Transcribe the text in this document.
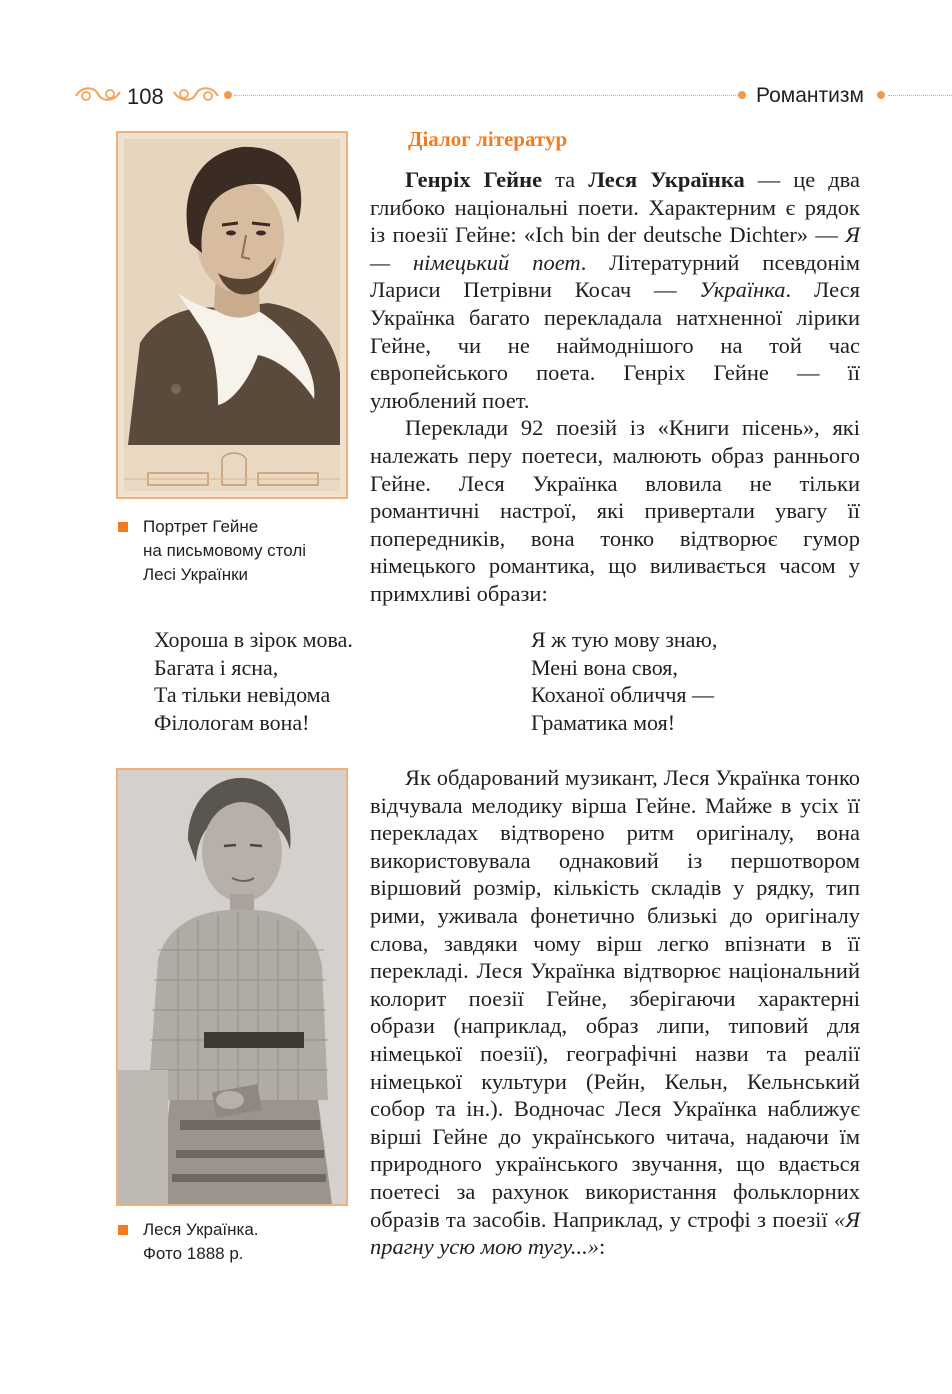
108	Романтизм
Портрет Гейне
на письмовому столі
Лесі Українки
Діалог літератур

Генріх Гейне та Леся Українка — це два глибоко національні поети. Характерним є рядок із поезії Гейне: «Ich bin der deutsche Dichter» — Я — німецький поет. Літературний псевдонім Лариси Петрівни Косач — Українка. Леся Українка багато перекладала натхненної лірики Гейне, чи не наймоднішого на той час європейського поета. Генріх Гейне — її улюблений поет.

Переклади 92 поезій із «Книги пісень», які належать перу поетеси, малюють образ раннього Гейне. Леся Українка вловила не тільки романтичні настрої, які привертали увагу її попередників, вона тонко відтворює гумор німецького романтика, що виливається часом у примхливі образи:

Хороша в зірок мова.
Багата і ясна,
Та тільки невідома
Філологам вона!
Я ж тую мову знаю,
Мені вона своя,
Коханої обличчя —
Граматика моя!
Леся Українка.
Фото 1888 р.

Як обдарований музикант, Леся Українка тонко відчувала мелодику вірша Гейне. Майже в усіх її перекладах відтворено ритм оригіналу, вона використовувала однаковий із першотвором віршовий розмір, кількість складів у рядку, тип рими, уживала фонетично близькі до оригіналу слова, завдяки чому вірш легко впізнати в її перекладі. Леся Українка відтворює національний колорит поезії Гейне, зберігаючи характерні образи (наприклад, образ липи, типовий для німецької поезії), географічні назви та реалії німецької культури (Рейн, Кельн, Кельнський собор та ін.). Водночас Леся Українка наближує вірші Гейне до українського читача, надаючи їм природного українського звучання, що вдається поетесі за рахунок використання фольклорних образів та засобів. Наприклад, у строфі з поезії «Я прагну усю мою тугу...»:
